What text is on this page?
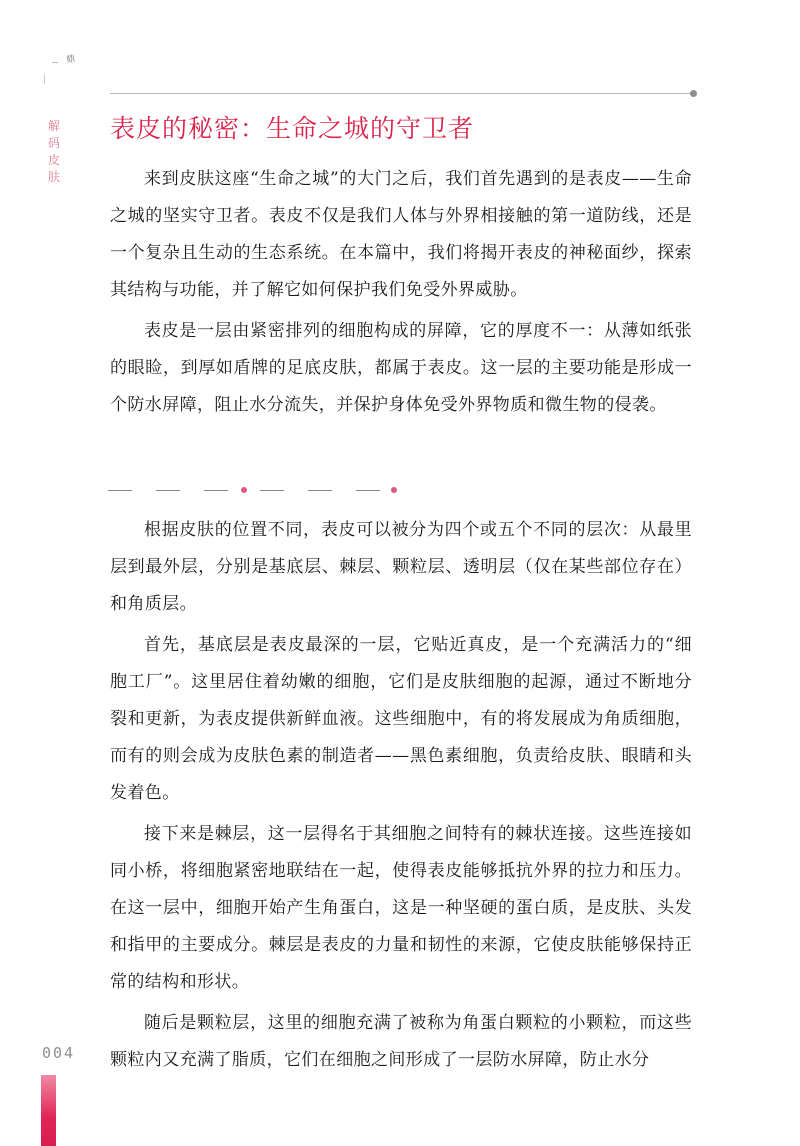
鼎
解
码
皮
肤
表皮的秘密：生命之城的守卫者

来到皮肤这座“生命之城”的大门之后，我们首先遇到的是表皮——生命之城的坚实守卫者。表皮不仅是我们人体与外界相接触的第一道防线，还是一个复杂且生动的生态系统。在本篇中，我们将揭开表皮的神秘面纱，探索其结构与功能，并了解它如何保护我们免受外界威胁。

表皮是一层由紧密排列的细胞构成的屏障，它的厚度不一：从薄如纸张的眼睑，到厚如盾牌的足底皮肤，都属于表皮。这一层的主要功能是形成一个防水屏障，阻止水分流失，并保护身体免受外界物质和微生物的侵袭。

根据皮肤的位置不同，表皮可以被分为四个或五个不同的层次：从最里层到最外层，分别是基底层、棘层、颗粒层、透明层（仅在某些部位存在）和角质层。

首先，基底层是表皮最深的一层，它贴近真皮，是一个充满活力的“细胞工厂”。这里居住着幼嫩的细胞，它们是皮肤细胞的起源，通过不断地分裂和更新，为表皮提供新鲜血液。这些细胞中，有的将发展成为角质细胞，而有的则会成为皮肤色素的制造者——黑色素细胞，负责给皮肤、眼睛和头发着色。

接下来是棘层，这一层得名于其细胞之间特有的棘状连接。这些连接如同小桥，将细胞紧密地联结在一起，使得表皮能够抵抗外界的拉力和压力。在这一层中，细胞开始产生角蛋白，这是一种坚硬的蛋白质，是皮肤、头发和指甲的主要成分。棘层是表皮的力量和韧性的来源，它使皮肤能够保持正常的结构和形状。

随后是颗粒层，这里的细胞充满了被称为角蛋白颗粒的小颗粒，而这些颗粒内又充满了脂质，它们在细胞之间形成了一层防水屏障，防止水分

004
